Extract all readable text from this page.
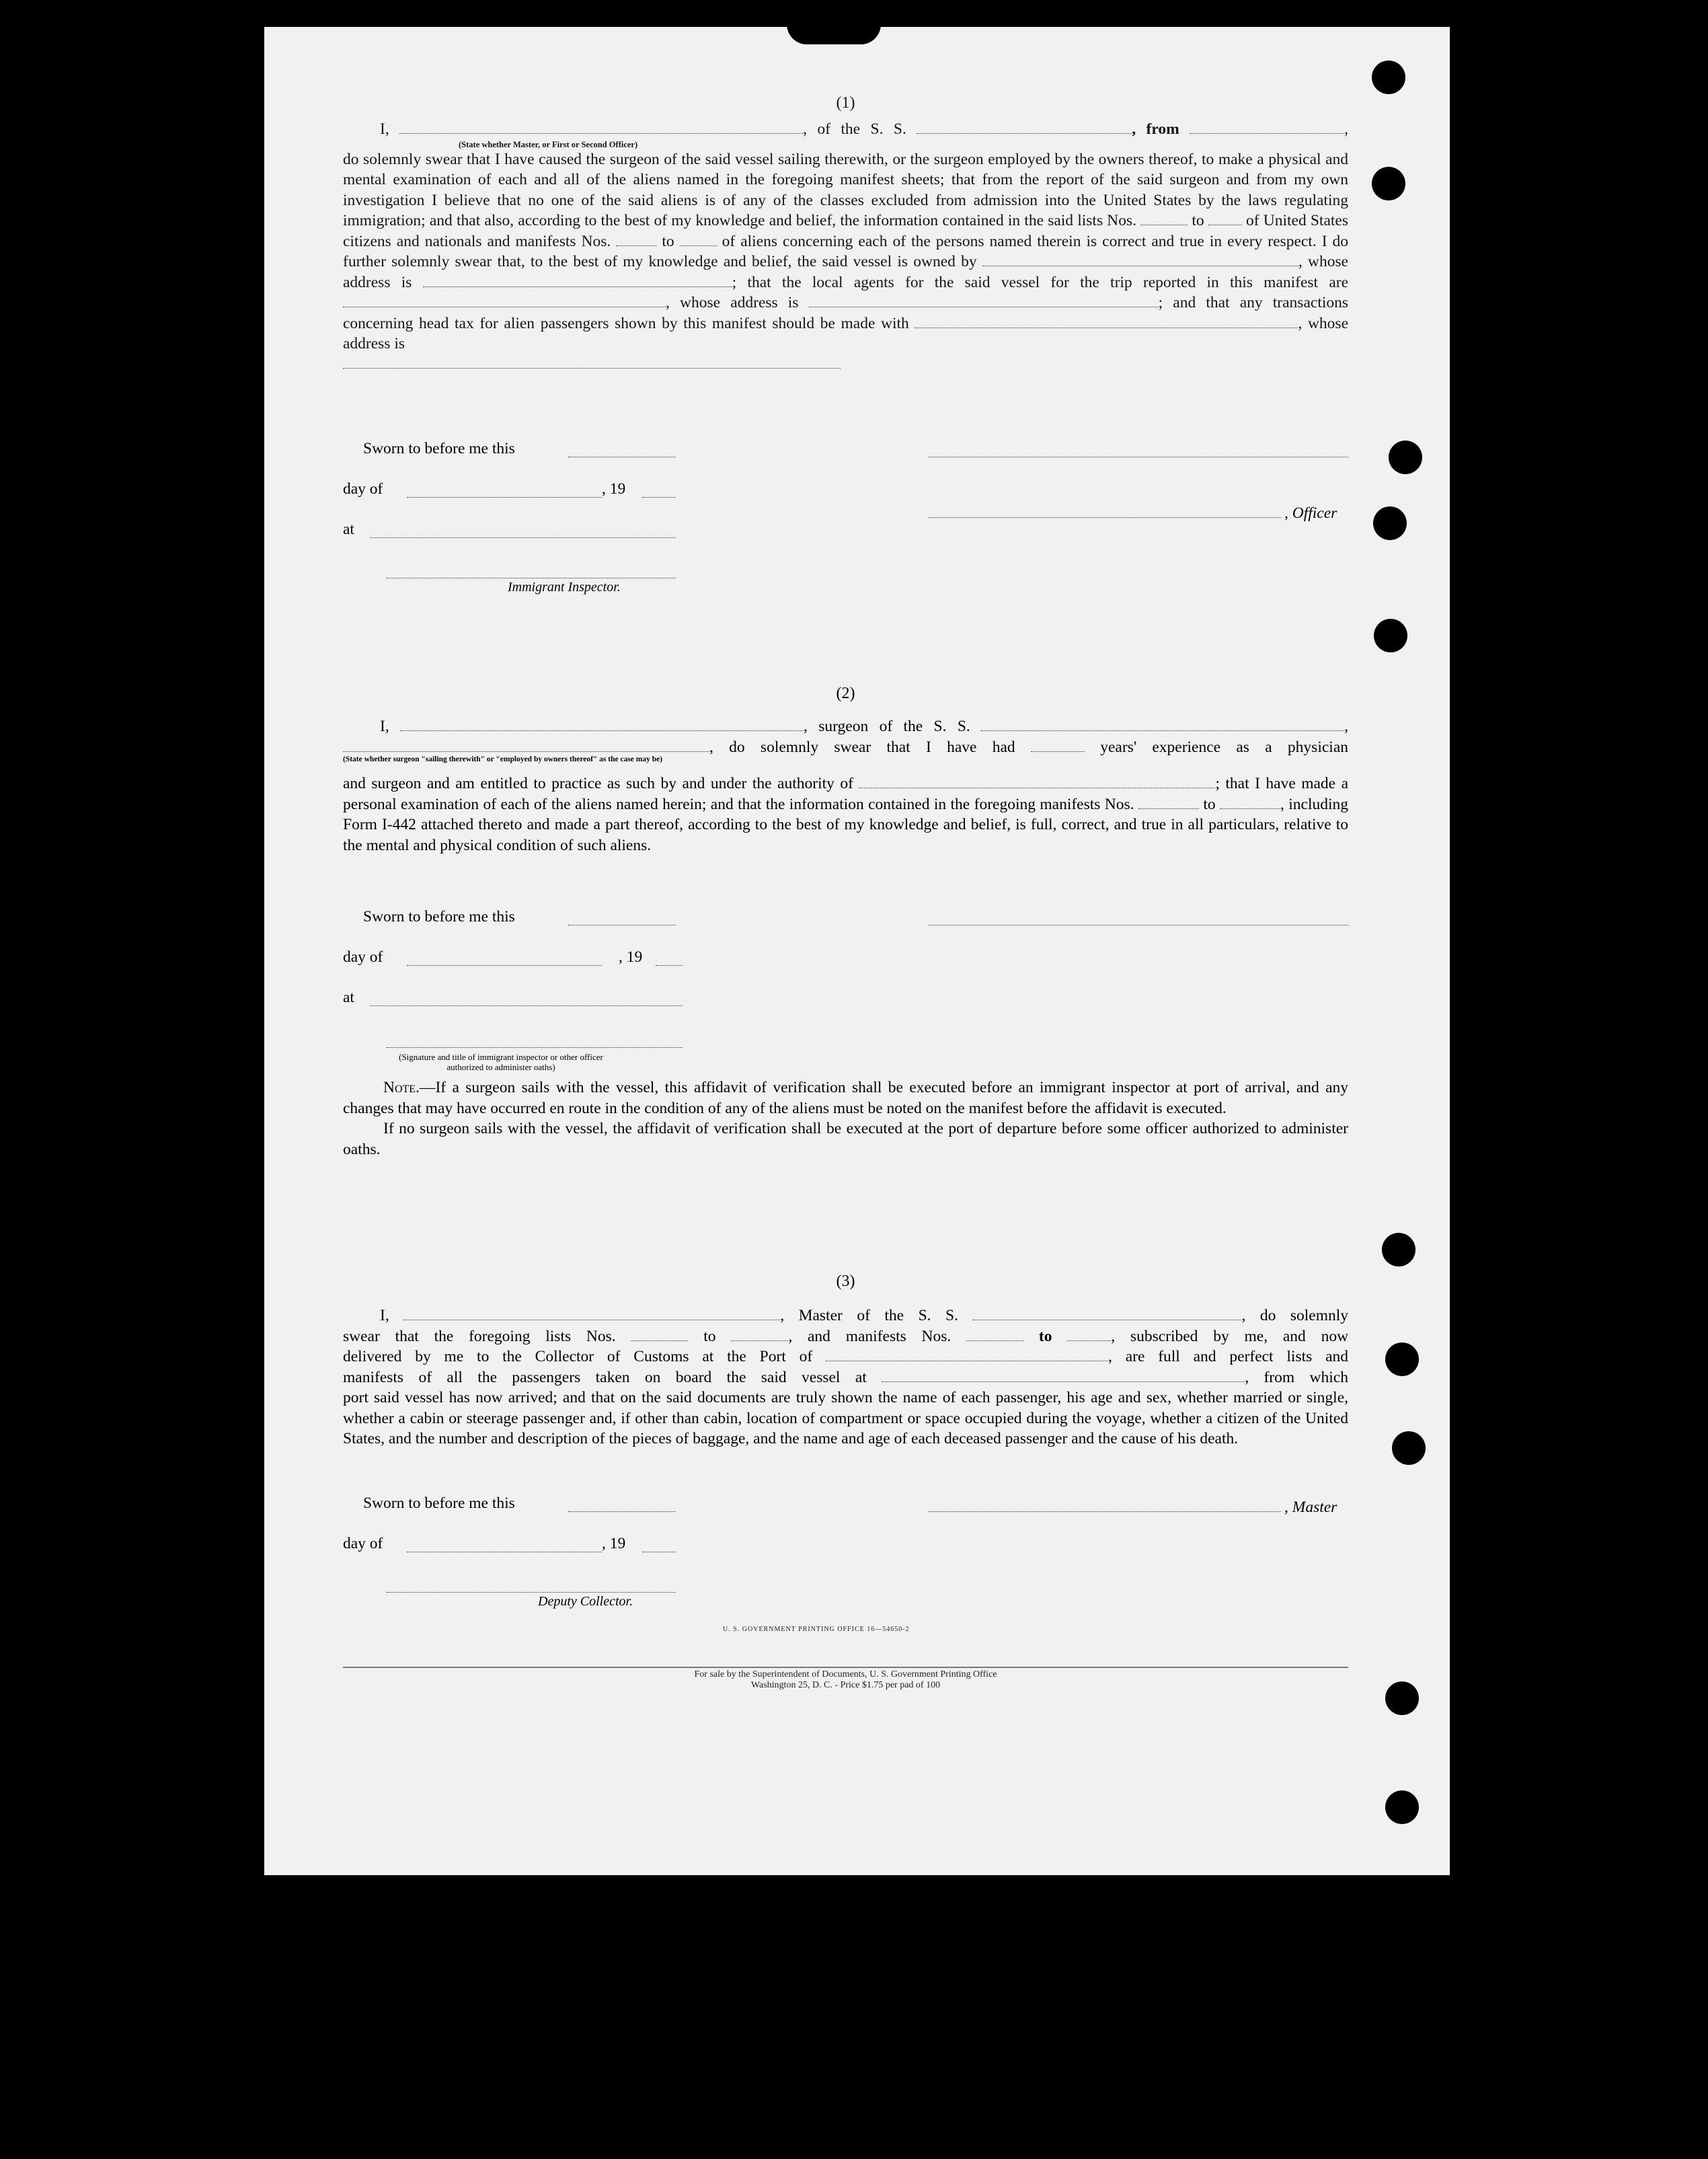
(1)

I,	, of the S. S.	, from	,
(State whether Master, or First or Second Officer)

do solemnly swear that I have caused the surgeon of the said vessel sailing therewith, or the surgeon employed by the owners thereof, to make a physical and mental examination of each and all of the aliens named in the foregoing manifest sheets; that from the report of the said surgeon and from my own investigation I believe that no one of the said aliens is of any of the classes excluded from admission into the United States by the laws regulating immigration; and that also, according to the best of my knowledge and belief, the information contained in the said lists Nos.	to	of United States citizens and nationals and manifests Nos.	to	of aliens concerning each of the persons named therein is correct and true in every respect. I do further solemnly swear that, to the best of my knowledge and belief, the said vessel is owned by	, whose address is	; that the local agents for the said vessel for the trip reported in this manifest are , whose address is	; and that any transactions concerning head tax for alien passengers shown by this manifest should be made with	, whose address is

Sworn to before me this
day of	, 19
, Officer
at
Immigrant Inspector.

(2)

I,	, surgeon of the S. S.	,
, do solemnly swear that I have had	years' experience as a physician
(State whether surgeon "sailing therewith" or "employed by owners thereof" as the case may be)

and surgeon and am entitled to practice as such by and under the authority of	; that I have made a personal examination of each of the aliens named herein; and that the information contained in the foregoing manifests Nos.	to	, including Form I-442 attached thereto and made a part thereof, according to the best of my knowledge and belief, is full, correct, and true in all particulars, relative to the mental and physical condition of such aliens.

Sworn to before me this
day of	, 19
at
(Signature and title of immigrant inspector or other officer authorized to administer oaths)

Note.—If a surgeon sails with the vessel, this affidavit of verification shall be executed before an immigrant inspector at port of arrival, and any changes that may have occurred en route in the condition of any of the aliens must be noted on the manifest before the affidavit is executed.

If no surgeon sails with the vessel, the affidavit of verification shall be executed at the port of departure before some officer authorized to administer oaths.

(3)

I,	, Master of the S. S.	, do solemnly
swear that the foregoing lists Nos.	to	, and manifests Nos.	to	, subscribed by me, and now
delivered by me to the Collector of Customs at the Port of	, are full and perfect lists and
manifests of all the passengers taken on board the said vessel at	, from which

port said vessel has now arrived; and that on the said documents are truly shown the name of each passenger, his age and sex, whether married or single, whether a cabin or steerage passenger and, if other than cabin, location of compartment or space occupied during the voyage, whether a citizen of the United States, and the number and description of the pieces of baggage, and the name and age of each deceased passenger and the cause of his death.

Sworn to before me this	, Master
day of	, 19
Deputy Collector.
U. S. GOVERNMENT PRINTING OFFICE 16—54650-2
For sale by the Superintendent of Documents, U. S. Government Printing Office
Washington 25, D. C. - Price $1.75 per pad of 100
